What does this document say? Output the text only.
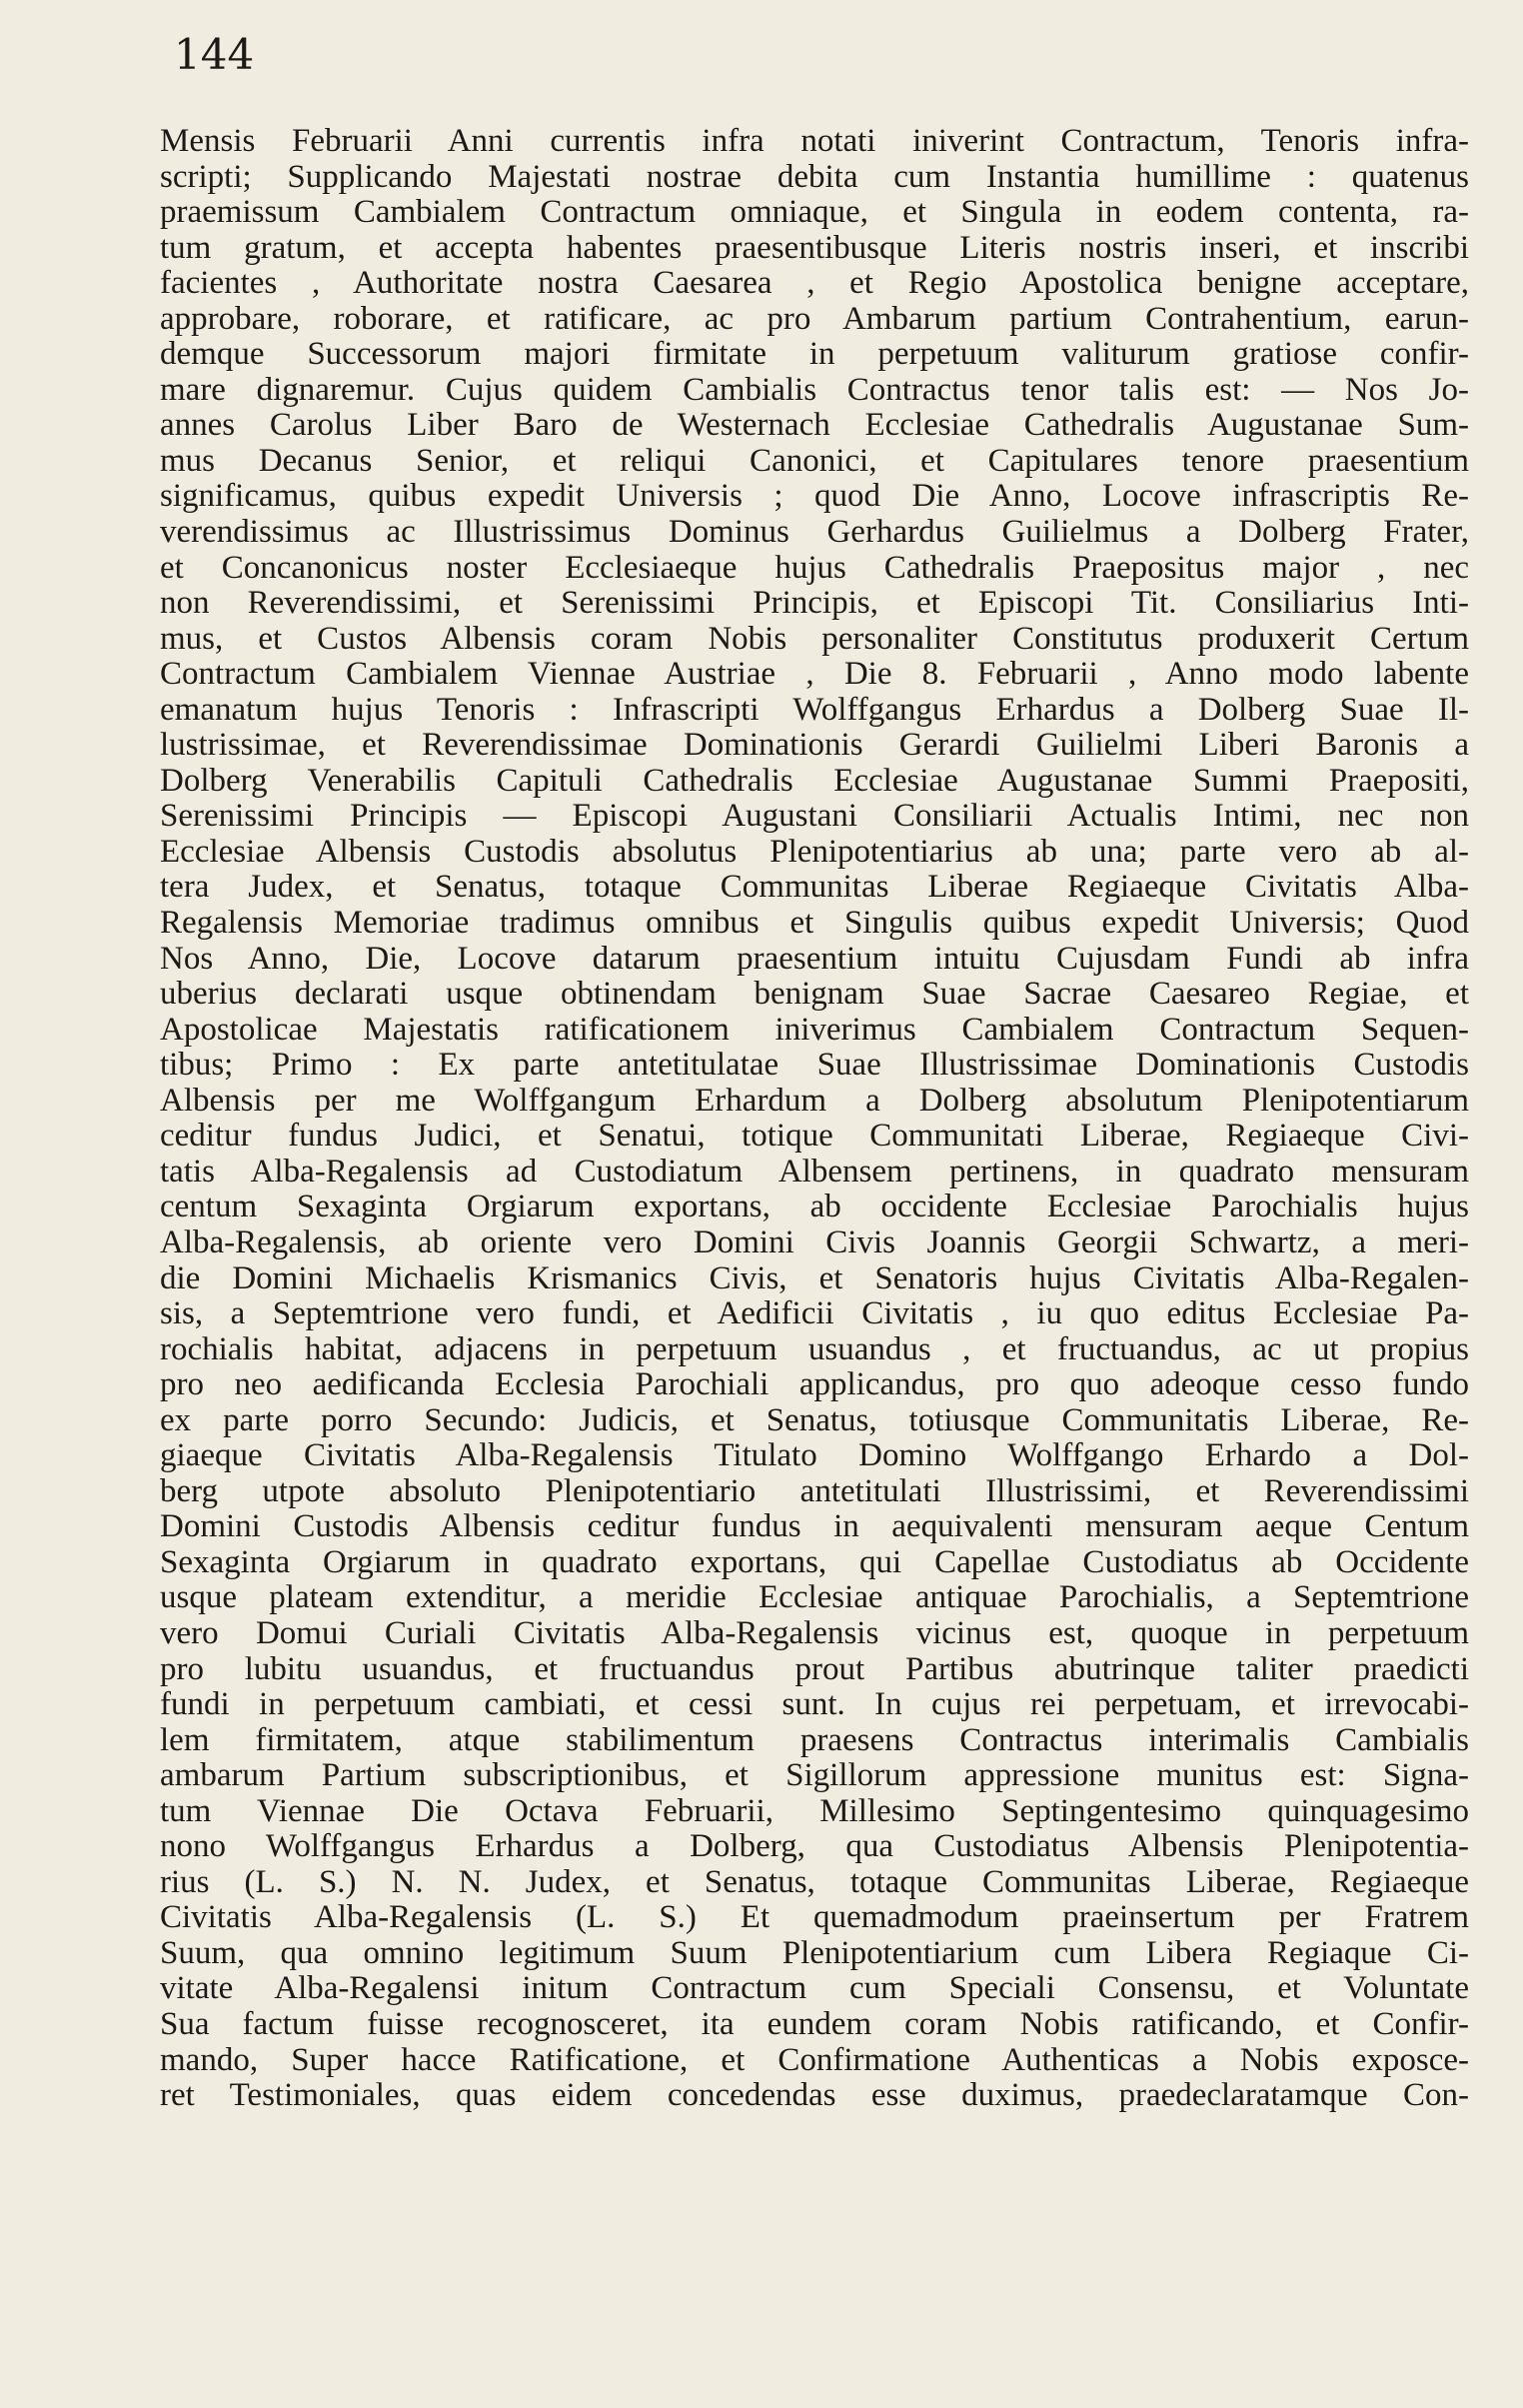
144
Mensis Februarii Anni currentis infra notati iniverint Contractum, Tenoris infra-
scripti; Supplicando Majestati nostrae debita cum Instantia humillime : quatenus
praemissum Cambialem Contractum omniaque, et Singula in eodem contenta, ra-
tum gratum, et accepta habentes praesentibusque Literis nostris inseri, et inscribi
facientes , Authoritate nostra Caesarea , et Regio Apostolica benigne acceptare,
approbare, roborare, et ratificare, ac pro Ambarum partium Contrahentium, earun-
demque Successorum majori firmitate in perpetuum valiturum gratiose confir-
mare dignaremur. Cujus quidem Cambialis Contractus tenor talis est: — Nos Jo-
annes Carolus Liber Baro de Westernach Ecclesiae Cathedralis Augustanae Sum-
mus Decanus Senior, et reliqui Canonici, et Capitulares tenore praesentium
significamus, quibus expedit Universis ; quod Die Anno, Locove infrascriptis Re-
verendissimus ac Illustrissimus Dominus Gerhardus Guilielmus a Dolberg Frater,
et Concanonicus noster Ecclesiaeque hujus Cathedralis Praepositus major , nec
non Reverendissimi, et Serenissimi Principis, et Episcopi Tit. Consiliarius Inti-
mus, et Custos Albensis coram Nobis personaliter Constitutus produxerit Certum
Contractum Cambialem Viennae Austriae , Die 8. Februarii , Anno modo labente
emanatum hujus Tenoris : Infrascripti Wolffgangus Erhardus a Dolberg Suae Il-
lustrissimae, et Reverendissimae Dominationis Gerardi Guilielmi Liberi Baronis a
Dolberg Venerabilis Capituli Cathedralis Ecclesiae Augustanae Summi Praepositi,
Serenissimi Principis — Episcopi Augustani Consiliarii Actualis Intimi, nec non
Ecclesiae Albensis Custodis absolutus Plenipotentiarius ab una; parte vero ab al-
tera Judex, et Senatus, totaque Communitas Liberae Regiaeque Civitatis Alba-
Regalensis Memoriae tradimus omnibus et Singulis quibus expedit Universis; Quod
Nos Anno, Die, Locove datarum praesentium intuitu Cujusdam Fundi ab infra
uberius declarati usque obtinendam benignam Suae Sacrae Caesareo Regiae, et
Apostolicae Majestatis ratificationem iniverimus Cambialem Contractum Sequen-
tibus; Primo : Ex parte antetitulatae Suae Illustrissimae Dominationis Custodis
Albensis per me Wolffgangum Erhardum a Dolberg absolutum Plenipotentiarum
ceditur fundus Judici, et Senatui, totique Communitati Liberae, Regiaeque Civi-
tatis Alba-Regalensis ad Custodiatum Albensem pertinens, in quadrato mensuram
centum Sexaginta Orgiarum exportans, ab occidente Ecclesiae Parochialis hujus
Alba-Regalensis, ab oriente vero Domini Civis Joannis Georgii Schwartz, a meri-
die Domini Michaelis Krismanics Civis, et Senatoris hujus Civitatis Alba-Regalen-
sis, a Septemtrione vero fundi, et Aedificii Civitatis , iu quo editus Ecclesiae Pa-
rochialis habitat, adjacens in perpetuum usuandus , et fructuandus, ac ut propius
pro neo aedificanda Ecclesia Parochiali applicandus, pro quo adeoque cesso fundo
ex parte porro Secundo: Judicis, et Senatus, totiusque Communitatis Liberae, Re-
giaeque Civitatis Alba-Regalensis Titulato Domino Wolffgango Erhardo a Dol-
berg utpote absoluto Plenipotentiario antetitulati Illustrissimi, et Reverendissimi
Domini Custodis Albensis ceditur fundus in aequivalenti mensuram aeque Centum
Sexaginta Orgiarum in quadrato exportans, qui Capellae Custodiatus ab Occidente
usque plateam extenditur, a meridie Ecclesiae antiquae Parochialis, a Septemtrione
vero Domui Curiali Civitatis Alba-Regalensis vicinus est, quoque in perpetuum
pro lubitu usuandus, et fructuandus prout Partibus abutrinque taliter praedicti
fundi in perpetuum cambiati, et cessi sunt. In cujus rei perpetuam, et irrevocabi-
lem firmitatem, atque stabilimentum praesens Contractus interimalis Cambialis
ambarum Partium subscriptionibus, et Sigillorum appressione munitus est: Signa-
tum Viennae Die Octava Februarii, Millesimo Septingentesimo quinquagesimo
nono Wolffgangus Erhardus a Dolberg, qua Custodiatus Albensis Plenipotentia-
rius (L. S.) N. N. Judex, et Senatus, totaque Communitas Liberae, Regiaeque
Civitatis Alba-Regalensis (L. S.) Et quemadmodum praeinsertum per Fratrem
Suum, qua omnino legitimum Suum Plenipotentiarium cum Libera Regiaque Ci-
vitate Alba-Regalensi initum Contractum cum Speciali Consensu, et Voluntate
Sua factum fuisse recognosceret, ita eundem coram Nobis ratificando, et Confir-
mando, Super hacce Ratificatione, et Confirmatione Authenticas a Nobis exposce-
ret Testimoniales, quas eidem concedendas esse duximus, praedeclaratamque Con-
